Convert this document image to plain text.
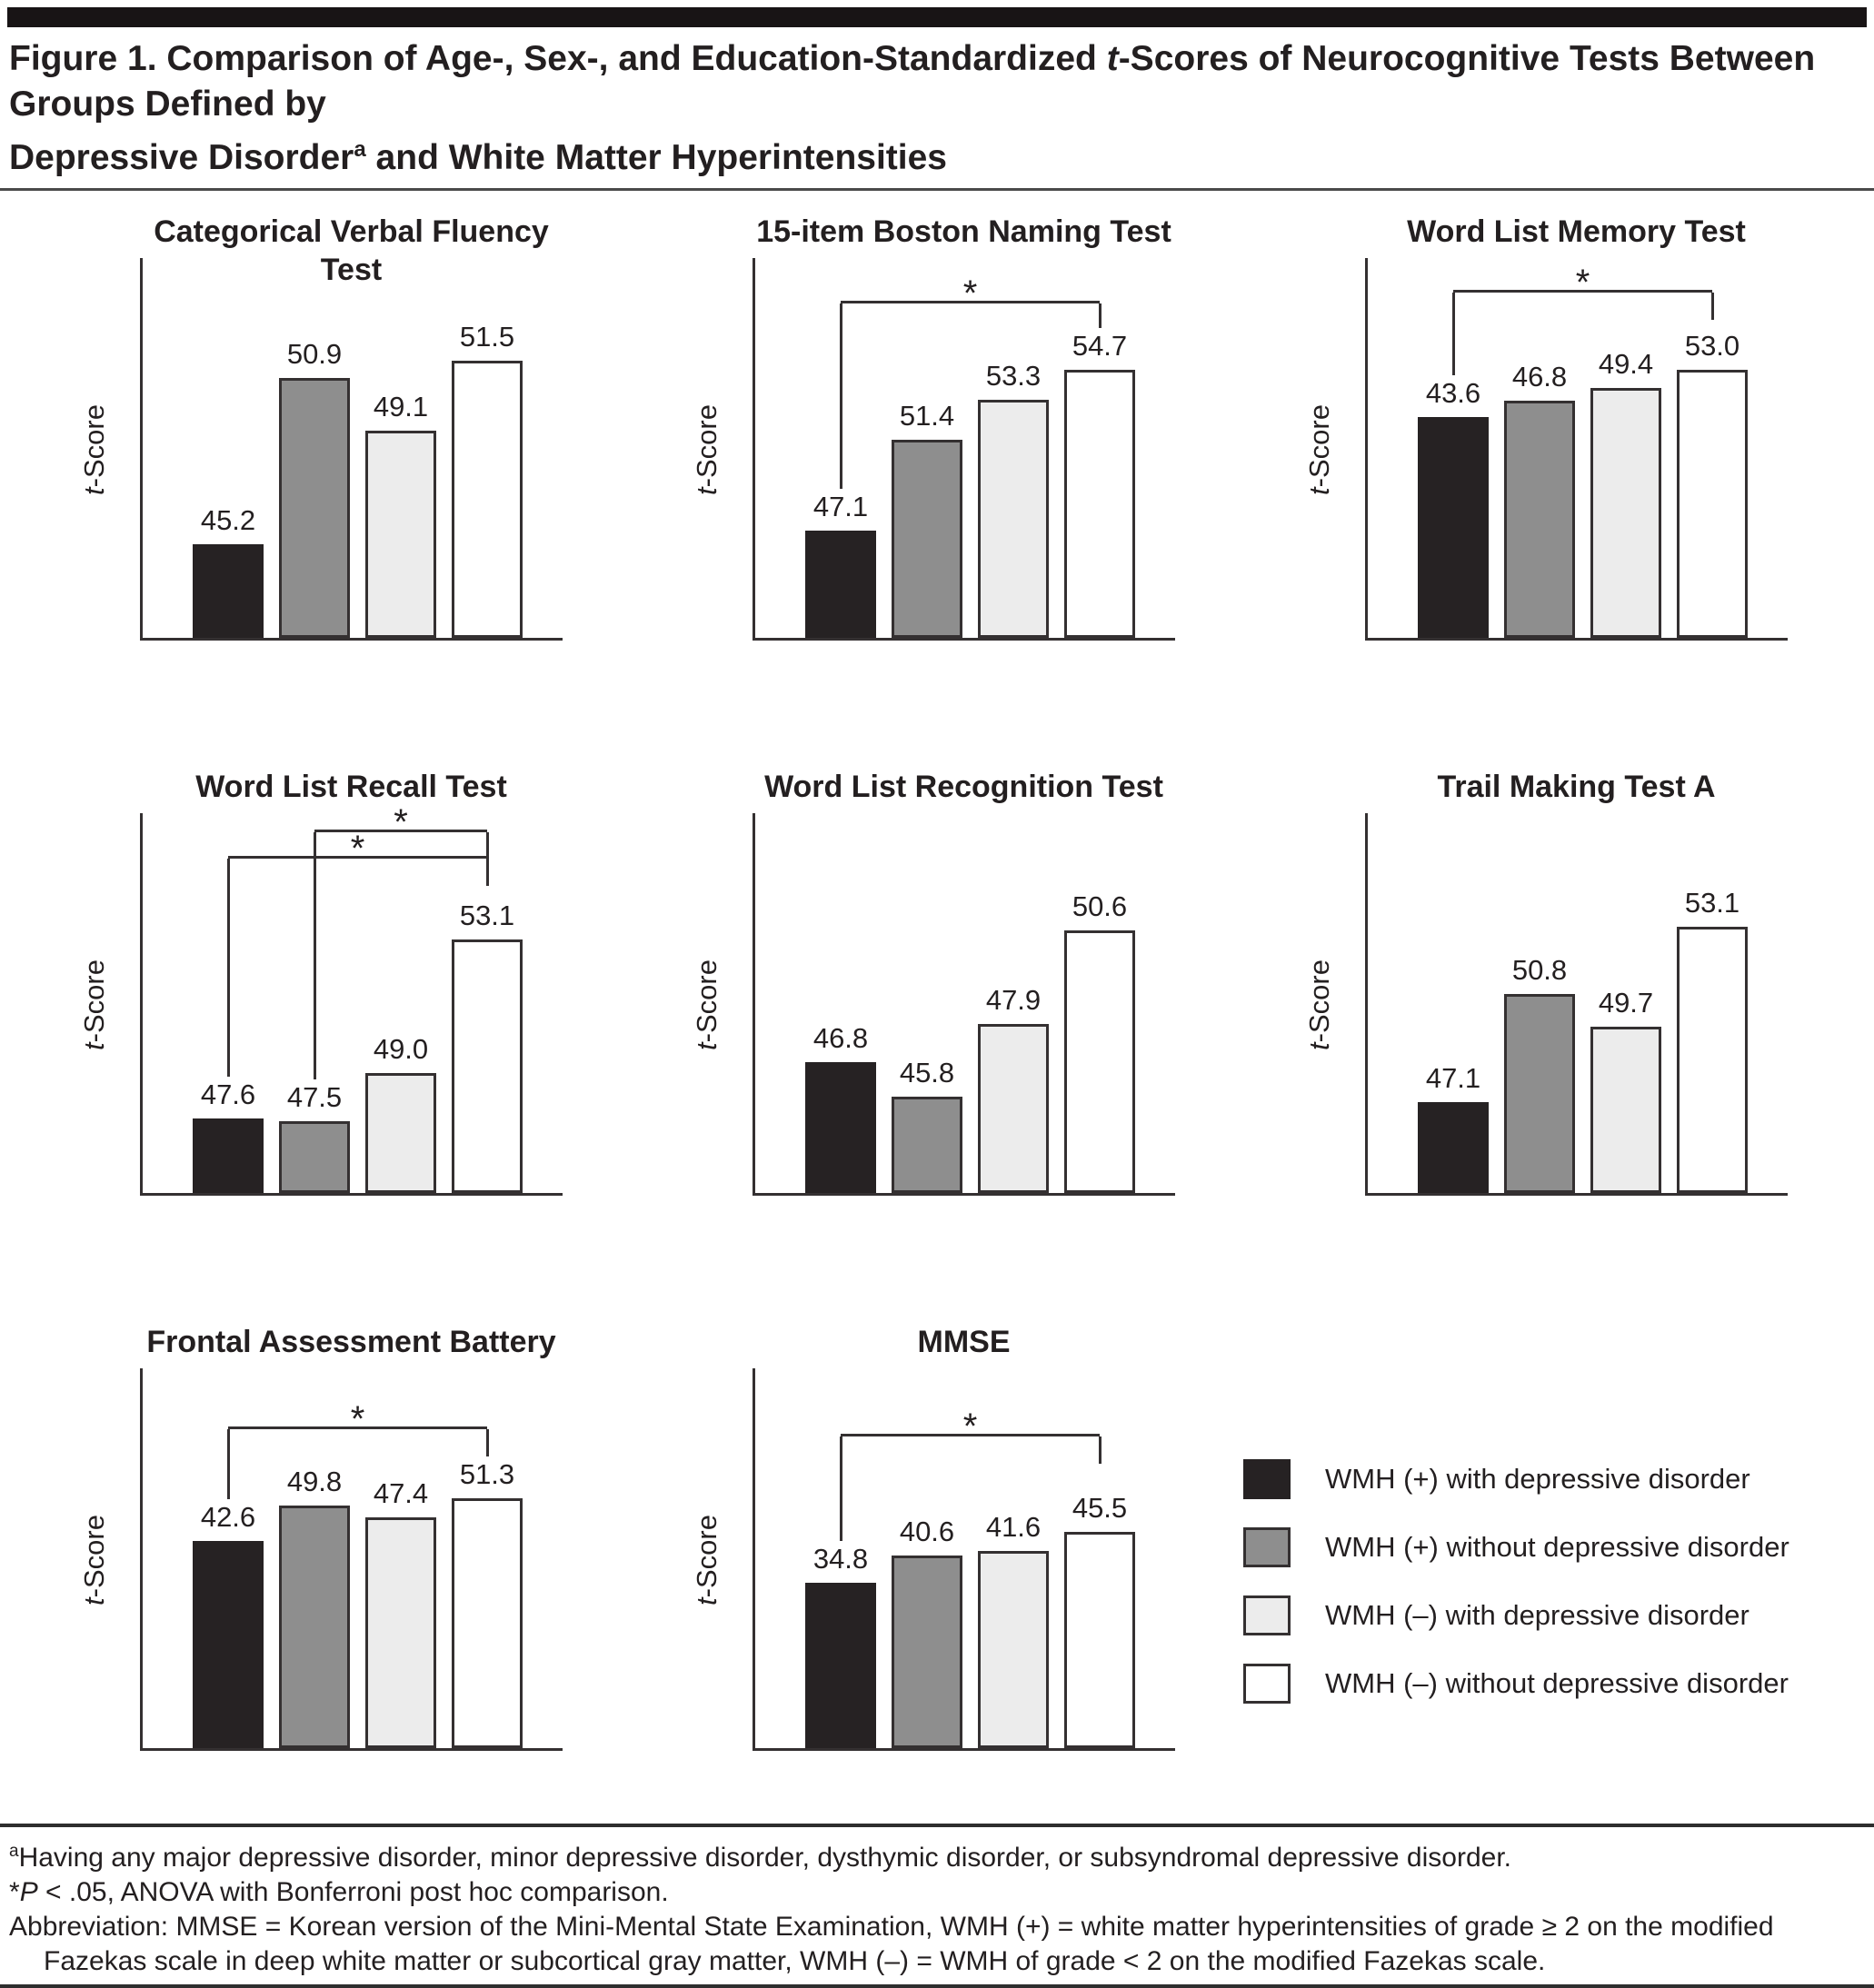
Figure 1. Comparison of Age-, Sex-, and Education-Standardized t-Scores of Neurocognitive Tests Between Groups Defined by
Depressive Disorder$^a$ and White Matter Hyperintensities
Categorical Verbal Fluency Test
t-Score
45.2
50.9
49.1
51.5
15-item Boston Naming Test
t-Score
47.1
51.4
53.3
54.7
*
Word List Memory Test
t-Score
43.6
46.8	49.4
53.0
*
Word List Recall Test
t-Score
47.6	47.5
49.0
53.1
*
*
Word List Recognition Test
t-Score	46.8
45.8
47.9
50.6
Trail Making Test A
t-Score
47.1
50.8
49.7
53.1
Frontal Assessment Battery
t-Score	42.6
49.8	47.4
51.3
*
MMSE
t-Score	34.8
40.6	41.6
45.5
*
WMH (+) with depressive disorder
WMH (+) without depressive disorder
WMH (–) with depressive disorder
WMH (–) without depressive disorder

$^a$Having any major depressive disorder, minor depressive disorder, dysthymic disorder, or subsyndromal depressive disorder.

*P < .05, ANOVA with Bonferroni post hoc comparison.

Abbreviation: MMSE = Korean version of the Mini-Mental State Examination, WMH (+) = white matter hyperintensities of grade ≥ 2 on the modified Fazekas scale in deep white matter or subcortical gray matter, WMH (–) = WMH of grade < 2 on the modified Fazekas scale.
